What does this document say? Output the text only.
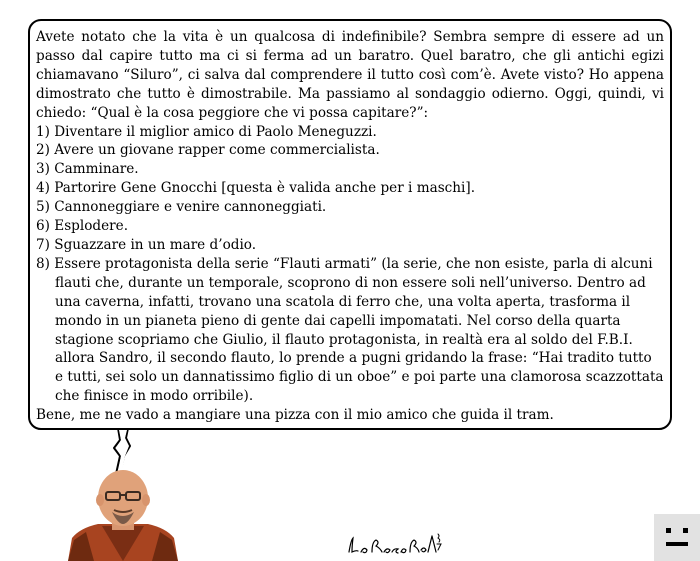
Avete notato che la vita è un qualcosa di indefinibile? Sembra sempre di essere ad un passo dal capire tutto ma ci si ferma ad un baratro. Quel baratro, che gli antichi egizi chiamavano “Siluro”, ci salva dal comprendere il tutto così com’è. Avete visto? Ho appena dimostrato che tutto è dimostrabile. Ma passiamo al sondaggio odierno. Oggi, quindi, vi chiedo: “Qual è la cosa peggiore che vi possa capitare?”:

1) Diventare il miglior amico di Paolo Meneguzzi.
2) Avere un giovane rapper come commercialista.
3) Camminare.
4) Partorire Gene Gnocchi [questa è valida anche per i maschi].
5) Cannoneggiare e venire cannoneggiati.
6) Esplodere.
7) Sguazzare in un mare d’odio.
8) Essere protagonista della serie “Flauti armati” (la serie, che non esiste, parla di alcuni flauti che, durante un temporale, scoprono di non essere soli nell’universo. Dentro ad una caverna, infatti, trovano una scatola di ferro che, una volta aperta, trasforma il mondo in un pianeta pieno di gente dai capelli impomatati. Nel corso della quarta stagione scopriamo che Giulio, il flauto protagonista, in realtà era al soldo del F.B.I. allora Sandro, il secondo flauto, lo prende a pugni gridando la frase: “Hai tradito tutto e tutti, sei solo un dannatissimo figlio di un oboe” e poi parte una clamorosa scazzottata che finisce in modo orribile).

Bene, me ne vado a mangiare una pizza con il mio amico che guida il tram.
